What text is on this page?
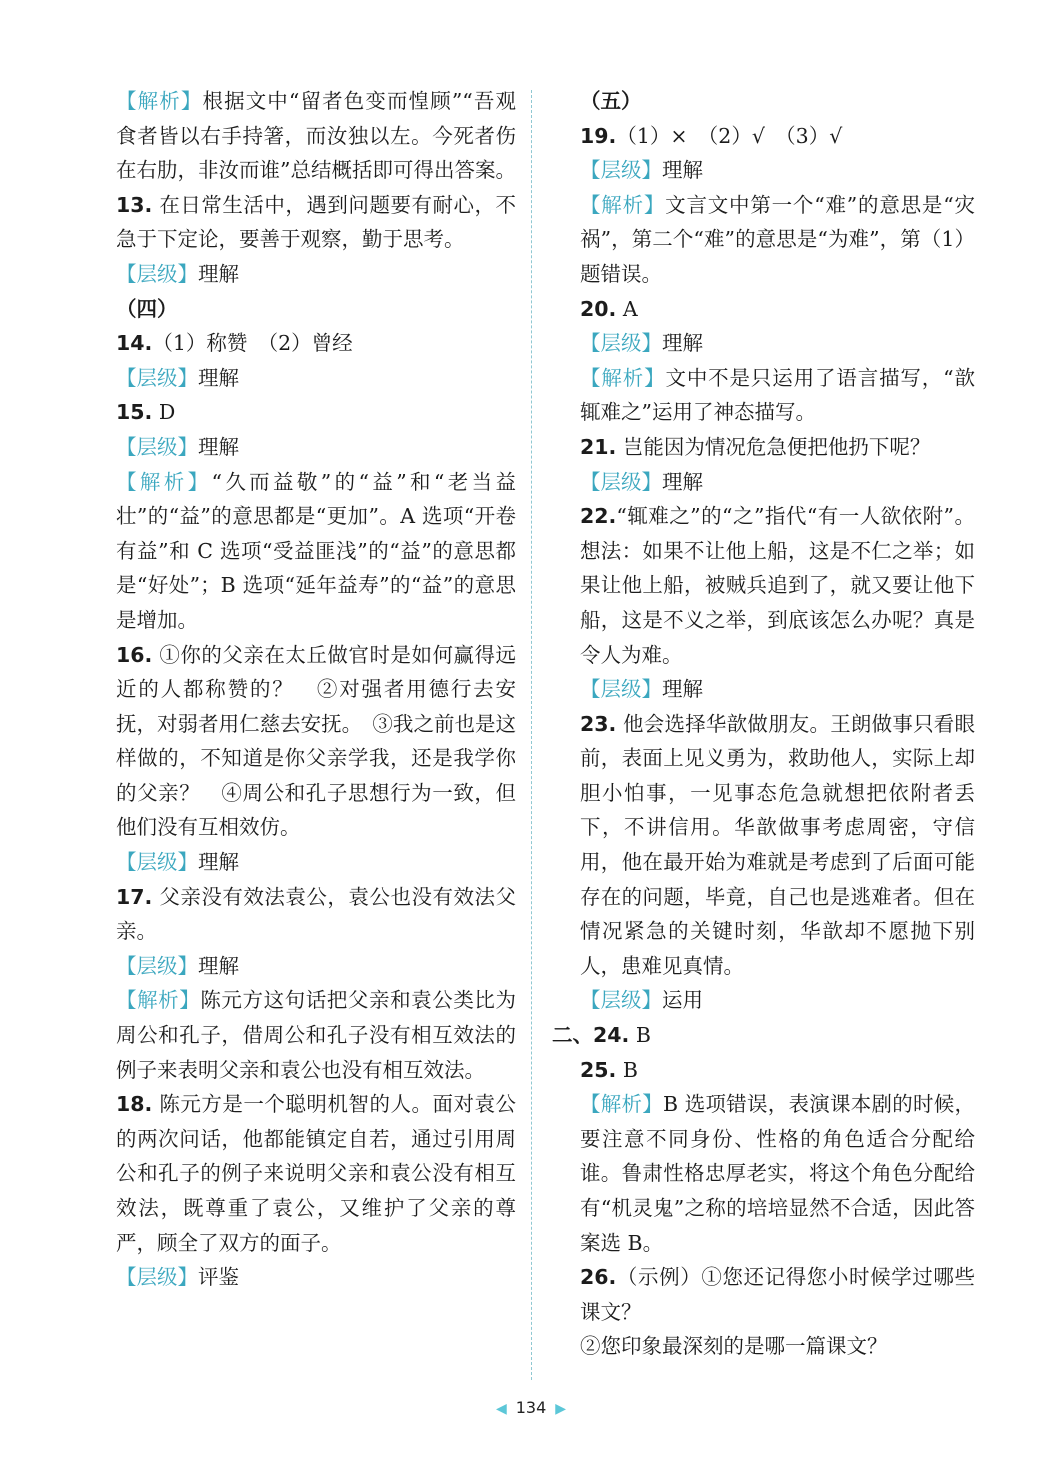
【解析】根据文中“留者色变而惶顾”“吾观食者皆以右手持箸，而汝独以左。今死者伤在右肋，非汝而谁”总结概括即可得出答案。

13. 在日常生活中，遇到问题要有耐心，不急于下定论，要善于观察，勤于思考。

【层级】理解

（四）

14.（1）称赞　（2）曾经

【层级】理解

15. D

【层级】理解

【解析】“久而益敬”的“益”和“老当益壮”的“益”的意思都是“更加”。A 选项“开卷有益”和 C 选项“受益匪浅”的“益”的意思都是“好处”；B 选项“延年益寿”的“益”的意思是增加。

16. ①你的父亲在太丘做官时是如何赢得远近的人都称赞的？　②对强者用德行去安抚，对弱者用仁慈去安抚。　③我之前也是这样做的，不知道是你父亲学我，还是我学你的父亲？　④周公和孔子思想行为一致，但他们没有互相效仿。

【层级】理解

17. 父亲没有效法袁公，袁公也没有效法父亲。

【层级】理解

【解析】陈元方这句话把父亲和袁公类比为周公和孔子，借周公和孔子没有相互效法的例子来表明父亲和袁公也没有相互效法。

18. 陈元方是一个聪明机智的人。面对袁公的两次问话，他都能镇定自若，通过引用周公和孔子的例子来说明父亲和袁公没有相互效法，既尊重了袁公，又维护了父亲的尊严，顾全了双方的面子。

【层级】评鉴

（五）

19.（1）×　（2）√　（3）√

【层级】理解

【解析】文言文中第一个“难”的意思是“灾祸”，第二个“难”的意思是“为难”，第（1）题错误。

20. A

【层级】理解

【解析】文中不是只运用了语言描写，“歆辄难之”运用了神态描写。

21. 岂能因为情况危急便把他扔下呢？

【层级】理解

22.“辄难之”的“之”指代“有一人欲依附”。想法：如果不让他上船，这是不仁之举；如果让他上船，被贼兵追到了，就又要让他下船，这是不义之举，到底该怎么办呢？真是令人为难。

【层级】理解

23. 他会选择华歆做朋友。王朗做事只看眼前，表面上见义勇为，救助他人，实际上却胆小怕事，一见事态危急就想把依附者丢下，不讲信用。华歆做事考虑周密，守信用，他在最开始为难就是考虑到了后面可能存在的问题，毕竟，自己也是逃难者。但在情况紧急的关键时刻，华歆却不愿抛下别人，患难见真情。

【层级】运用

二、24. B

25. B

【解析】B 选项错误，表演课本剧的时候，要注意不同身份、性格的角色适合分配给谁。鲁肃性格忠厚老实，将这个角色分配给有“机灵鬼”之称的培培显然不合适，因此答案选 B。

26.（示例）①您还记得您小时候学过哪些课文？

②您印象最深刻的是哪一篇课文？

◀ 134 ▶
